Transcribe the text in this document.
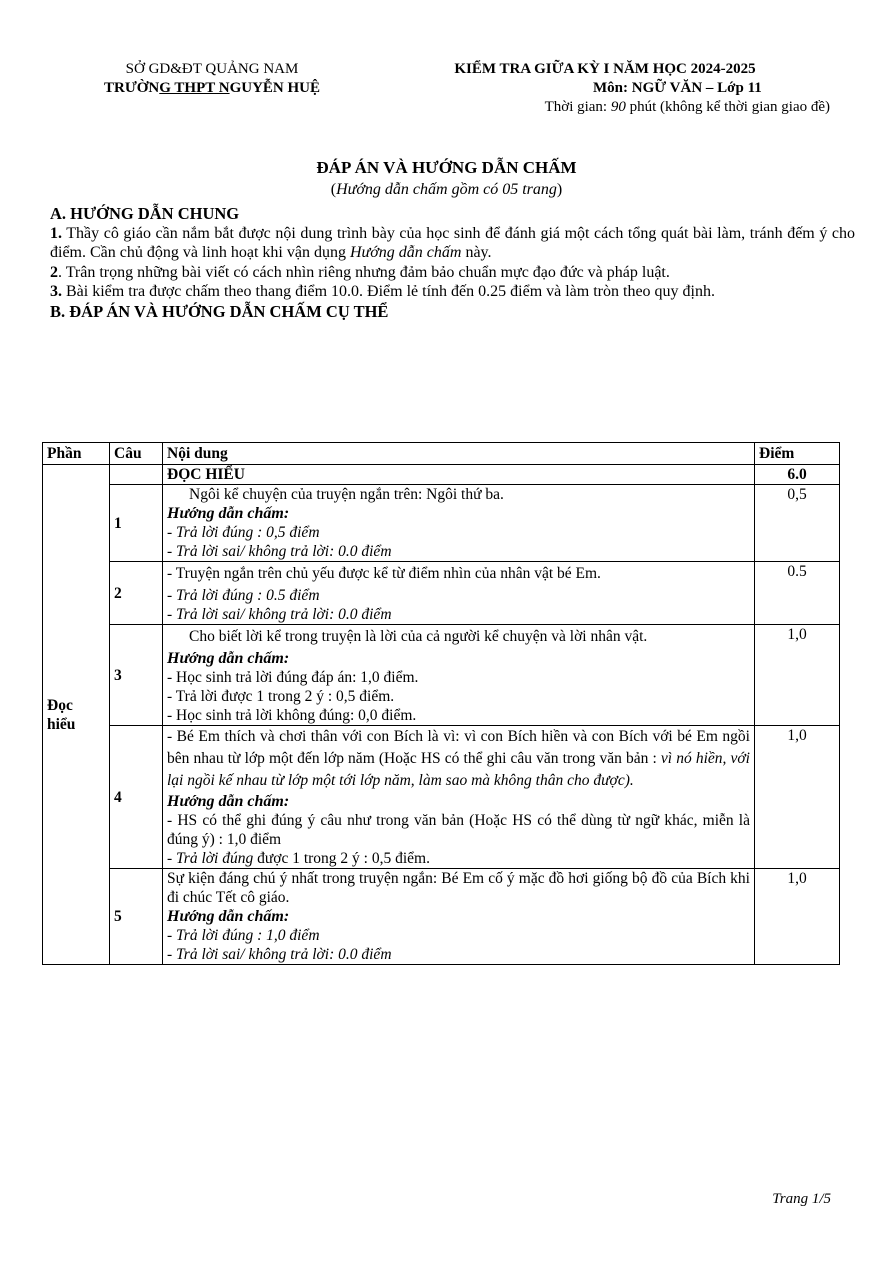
SỞ GD&ĐT QUẢNG NAM
TRƯỜNG THPT NGUYỄN HUỆ
KIỂM TRA GIỮA KỲ I NĂM HỌC 2024-2025
Môn: NGỮ VĂN – Lớp 11
Thời gian: 90 phút (không kể thời gian giao đề)
ĐÁP ÁN VÀ HƯỚNG DẪN CHẤM
(Hướng dẫn chấm gồm có 05 trang)
A. HƯỚNG DẪN CHUNG

1. Thầy cô giáo cần nắm bắt được nội dung trình bày của học sinh để đánh giá một cách tổng quát bài làm, tránh đếm ý cho điểm. Cần chủ động và linh hoạt khi vận dụng Hướng dẫn chấm này.

2. Trân trọng những bài viết có cách nhìn riêng nhưng đảm bảo chuẩn mực đạo đức và pháp luật.

3. Bài kiểm tra được chấm theo thang điểm 10.0. Điểm lẻ tính đến 0.25 điểm và làm tròn theo quy định.

B. ĐÁP ÁN VÀ HƯỚNG DẪN CHẤM CỤ THỂ
Phần	Câu	Nội dung	Điểm
Đọc hiểu		ĐỌC HIỂU	6.0
	1	Ngôi kể chuyện của truyện ngắn trên: Ngôi thứ ba.

Hướng dẫn chấm:

- Trả lời đúng : 0,5 điểm

- Trả lời sai/ không trả lời: 0.0 điểm	0,5
	2	- Truyện ngắn trên chủ yếu được kể từ điểm nhìn của nhân vật bé Em.

- Trả lời đúng : 0.5 điểm

- Trả lời sai/ không trả lời: 0.0 điểm	0.5
	3	Cho biết lời kể trong truyện là lời của cả người kể chuyện và lời nhân vật.

Hướng dẫn chấm:

- Học sinh trả lời đúng đáp án: 1,0 điểm.

- Trả lời được 1 trong 2 ý : 0,5 điểm.

- Học sinh trả lời không đúng: 0,0 điểm.	1,0
	4	- Bé Em thích và chơi thân với con Bích là vì: vì con Bích hiền và con Bích với bé Em ngồi bên nhau từ lớp một đến lớp năm (Hoặc HS có thể ghi câu văn trong văn bản : vì nó hiền, với lại ngồi kế nhau từ lớp một tới lớp năm, làm sao mà không thân cho được).

Hướng dẫn chấm:

- HS có thể ghi đúng ý câu như trong văn bản (Hoặc HS có thể dùng từ ngữ khác, miễn là đúng ý) : 1,0 điểm

- Trả lời đúng được 1 trong 2 ý : 0,5 điểm.	1,0
	5	Sự kiện đáng chú ý nhất trong truyện ngắn: Bé Em cố ý mặc đồ hơi giống bộ đồ của Bích khi đi chúc Tết cô giáo.

Hướng dẫn chấm:

- Trả lời đúng : 1,0 điểm

- Trả lời sai/ không trả lời: 0.0 điểm	1,0
Trang 1/5
